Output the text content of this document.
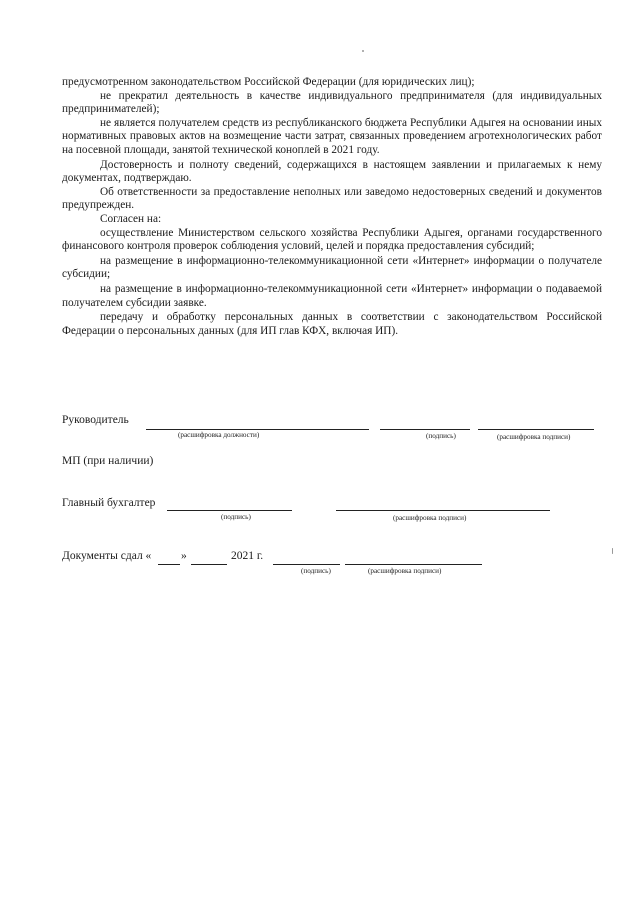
предусмотренном законодательством Российской Федерации (для юридических лиц);

не прекратил деятельность в качестве индивидуального предпринимателя (для индивидуальных предпринимателей);

не является получателем средств из республиканского бюджета Республики Адыгея на основании иных нормативных правовых актов на возмещение части затрат, связанных проведением агротехнологических работ на посевной площади, занятой технической коноплей в 2021 году.

Достоверность и полноту сведений, содержащихся в настоящем заявлении и прилагаемых к нему документах, подтверждаю.

Об ответственности за предоставление неполных или заведомо недостоверных сведений и документов предупрежден.

Согласен на:

осуществление Министерством сельского хозяйства Республики Адыгея, органами государственного финансового контроля проверок соблюдения условий, целей и порядка предоставления субсидий;

на размещение в информационно-телекоммуникационной сети «Интернет» информации о получателе субсидии;

на размещение в информационно-телекоммуникационной сети «Интернет» информации о подаваемой получателем субсидии заявке.

передачу и обработку персональных данных в соответствии с законодательством Российской Федерации о персональных данных (для ИП глав КФХ, включая ИП).

Руководитель
(расшифровка должности)	(подпись)	(расшифровка подписи)
МП (при наличии)
Главный бухгалтер
(подпись)	(расшифровка подписи)
Документы сдал «	»	2021 г.
(подпись)	(расшифровка подписи)
